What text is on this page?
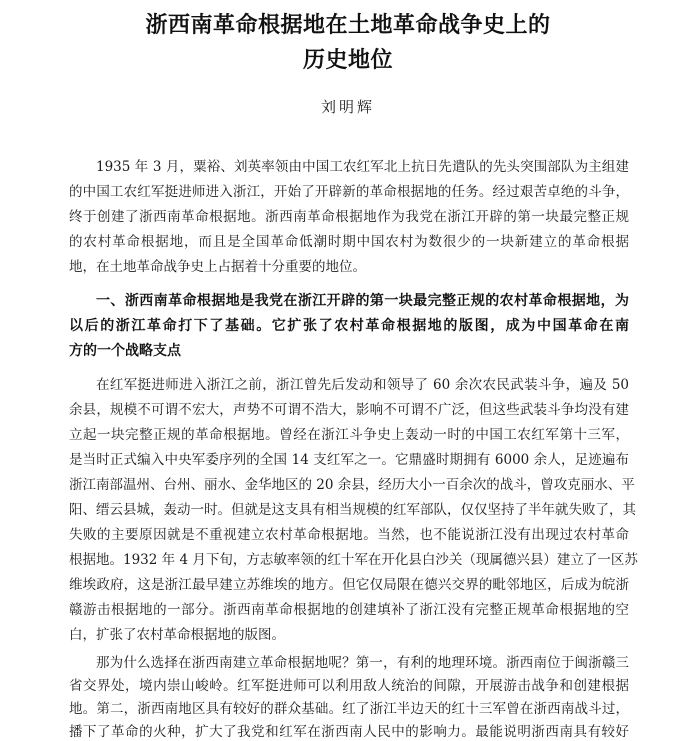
浙西南革命根据地在土地革命战争史上的
历史地位
刘明辉
1935 年 3 月，粟裕、刘英率领由中国工农红军北上抗日先遣队的先头突围部队为主组建
的中国工农红军挺进师进入浙江，开始了开辟新的革命根据地的任务。经过艰苦卓绝的斗争，
终于创建了浙西南革命根据地。浙西南革命根据地作为我党在浙江开辟的第一块最完整正规
的农村革命根据地，而且是全国革命低潮时期中国农村为数很少的一块新建立的革命根据
地，在土地革命战争史上占据着十分重要的地位。
一、浙西南革命根据地是我党在浙江开辟的第一块最完整正规的农村革命根据地，为
以后的浙江革命打下了基础。它扩张了农村革命根据地的版图，成为中国革命在南
方的一个战略支点
在红军挺进师进入浙江之前，浙江曾先后发动和领导了 60 余次农民武装斗争，遍及 50
余县，规模不可谓不宏大，声势不可谓不浩大，影响不可谓不广泛，但这些武装斗争均没有建
立起一块完整正规的革命根据地。曾经在浙江斗争史上轰动一时的中国工农红军第十三军，
是当时正式编入中央军委序列的全国 14 支红军之一。它鼎盛时期拥有 6000 余人，足迹遍布
浙江南部温州、台州、丽水、金华地区的 20 余县，经历大小一百余次的战斗，曾攻克丽水、平
阳、缙云县城，轰动一时。但就是这支具有相当规模的红军部队，仅仅坚持了半年就失败了，其
失败的主要原因就是不重视建立农村革命根据地。当然，也不能说浙江没有出现过农村革命
根据地。1932 年 4 月下旬，方志敏率领的红十军在开化县白沙关（现属德兴县）建立了一区苏
维埃政府，这是浙江最早建立苏维埃的地方。但它仅局限在德兴交界的毗邻地区，后成为皖浙
赣游击根据地的一部分。浙西南革命根据地的创建填补了浙江没有完整正规革命根据地的空
白，扩张了农村革命根据地的版图。
那为什么选择在浙西南建立革命根据地呢？第一，有利的地理环境。浙西南位于闽浙赣三
省交界处，境内崇山峻岭。红军挺进师可以利用敌人统治的间隙，开展游击战争和创建根据
地。第二，浙西南地区具有较好的群众基础。红了浙江半边天的红十三军曾在浙西南战斗过，
播下了革命的火种，扩大了我党和红军在浙西南人民中的影响力。最能说明浙西南具有较好
